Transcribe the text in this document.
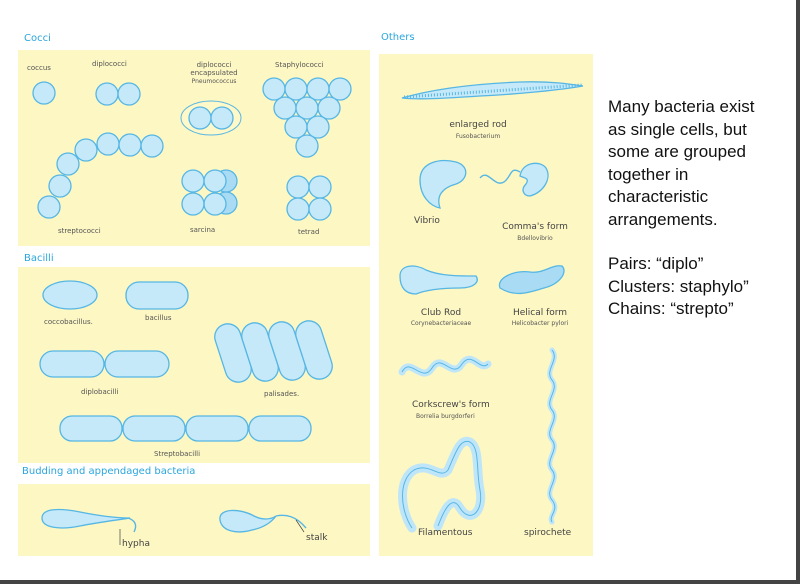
Cocci
Bacilli
Budding and appendaged bacteria
Others
coccus	diplococci	diplococci
encapsulated
Pneumococcus
Staphylococci
streptococci	sarcina	tetrad
coccobacillus.	bacillus
diplobacilli	palisades.
Streptobacilli
hypha
stalk
enlarged rod
Fusobacterium
Vibrio
Comma's form
Bdellovibrio
Club Rod
Corynebacteriaceae
Helical form
Helicobacter pylori
Corkscrew's form
Borrelia burgdorferi
Filamentous	spirochete

Many bacteria exist

as single cells, but

some are grouped

together in

characteristic

arrangements.

Pairs: “diplo”

Clusters: staphylo”

Chains: “strepto”
